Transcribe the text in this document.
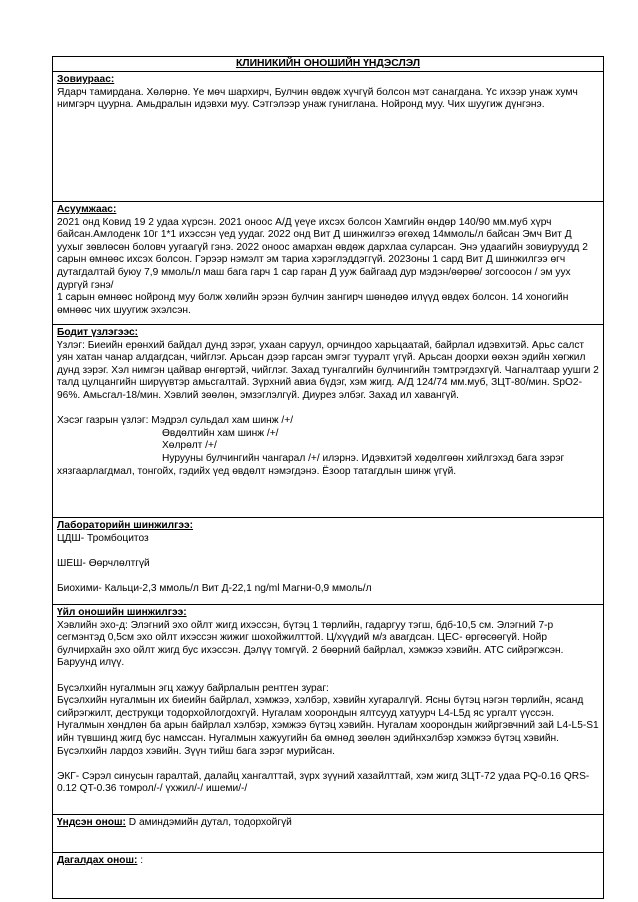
КЛИНИКИЙН ОНОШИЙН ҮНДЭСЛЭЛ
Зовиураас:

Ядарч тамирдана. Хөлөрнө. Үе мөч шархирч, Булчин өвдөж хүчгүй болсон мэт санагдана. Үс ихээр унаж хумч нимгэрч цуурна. Амьдралын идэвхи муу. Сэтгэлээр унаж гуниглана. Нойронд муу. Чих шуугиж дүнгэнэ.

Асуумжаас:

2021 онд Ковид 19 2 удаа хүрсэн. 2021 оноос А/Д үеүе ихсэх болсон Хамгийн өндөр 140/90 мм.муб хүрч байсан.Амлоденк 10г 1*1 ихэссэн үед уудаг. 2022 онд Вит Д шинжилгээ өгөхөд 14ммоль/л байсан Эмч Вит Д уухыг зөвлөсөн боловч уугаагүй гэнэ. 2022 оноос амархан өвдөж дархлаа суларсан. Энэ удаагийн зовиуруудд 2 сарын өмнөөс ихсэх болсон. Гэрээр нэмэлт эм тариа хэрэглэддэггүй. 2023оны 1 сард Вит Д шинжилгээ өгч дутагдалтай буюу 7,9 ммоль/л маш бага гарч 1 сар гаран Д ууж байгаад дур мэдэн/өөрөө/ зогсоосон / эм уух дургүй гэнэ/
1 сарын өмнөөс нойронд муу болж хөлийн эрээн булчин зангирч шөнөдөө илүүд өвдөх болсон. 14 хоногийн өмнөөс чих шуугиж эхэлсэн.

Бодит үзлэгээс:

Үзлэг: Биеийн ерөнхий байдал дунд зэрэг, ухаан саруул, орчиндоо харьцаатай, байрлал идэвхитэй. Арьс салст уян хатан чанар алдагдсан, чийглэг. Арьсан дээр гарсан эмгэг тууралт үгүй. Арьсан доорхи өөхэн эдийн хөгжил дунд зэрэг. Хэл нимгэн цайвар өнгөртэй, чийглэг. Захад тунгалгийн булчингийн тэмтрэгдэхгүй. Чагналтаар уушги 2 талд цулцангийн ширүүвтэр амьсгалтай. Зүрхний авиа бүдэг, хэм жигд. А/Д 124/74 мм.муб, ЗЦТ-80/мин. SpO2-96%. Амьсгал-18/мин. Хэвлий зөөлөн, эмзэглэлгүй. Диурез элбэг. Захад ил хавангүй.

Хэсэг газрын үзлэг: Мэдрэл сульдал хам шинж /+/
Өвдөлтийн хам шинж /+/
Хөлрөлт /+/
Нурууны булчингийн чангарал /+/ илэрнэ. Идэвхитэй хөдөлгөөн хийлгэхэд бага зэрэг
хязгаарлагдмал, тонгойх, гэдийх үед өвдөлт нэмэгдэнэ. Ёзоор татагдлын шинж үгүй.
Лабораторийн шинжилгээ:
ЦДШ- Тромбоцитоз
ШЕШ- Өөрчлөлтгүй
Биохими- Кальци-2,3 ммоль/л Вит Д-22,1 ng/ml Магни-0,9 ммоль/л
Үйл оношийн шинжилгээ:

Хэвлийн эхо-д: Элэгний эхо ойлт жигд ихэссэн, бүтэц 1 төрлийн, гадаргуу тэгш, бдб-10,5 см. Элэгний 7-р сегмэнтэд 0,5см эхо ойлт ихэссэн жижиг шохойжилттой. Ц/хүүдий м/з авагдсан. ЦЕС- өргөсөөгүй. Нойр булчирхайн эхо ойлт жигд бус ихэссэн. Дэлүү томгүй. 2 бөөрний байрлал, хэмжээ хэвийн. АТС сийрэгжсэн. Баруунд илүү.

Бүсэлхийн нугалмын эгц хажуу байрлалын рентген зураг:

Бүсэлхийн нугалмын их биеийн байрлал, хэмжээ, хэлбэр, хэвийн хугаралгүй. Ясны бүтэц нэгэн төрлийн, ясанд сийрэгжилт, деструкци тодорхойлогдохгүй. Нугалам хоорондын ялтсууд хатуурч L4-L5д яс ургалт үүссэн. Нугалмын хөндлөн ба арын байрлал хэлбэр, хэмжээ бүтэц хэвийн. Нугалам хоорондын жийргэвчний зай L4-L5-S1 ийн түвшинд жигд бус намссан. Нугалмын хажуугийн ба өмнөд зөөлөн эдийнхэлбэр хэмжээ бүтэц хэвийн. Бүсэлхийн лардоз хэвийн. Зүүн тийш бага зэрэг мурийсан.

ЭКГ- Сэрэл синусын гаралтай, далайц хангалттай, зүрх зүүний хазайлттай, хэм жигд ЗЦТ-72 удаа PQ-0.16 QRS-0.12 QT-0.36 томрол/-/ үхжил/-/ ишеми/-/

Үндсэн онош: D аминдэмийн дутал, тодорхойгүй
Дагалдах онош: :
